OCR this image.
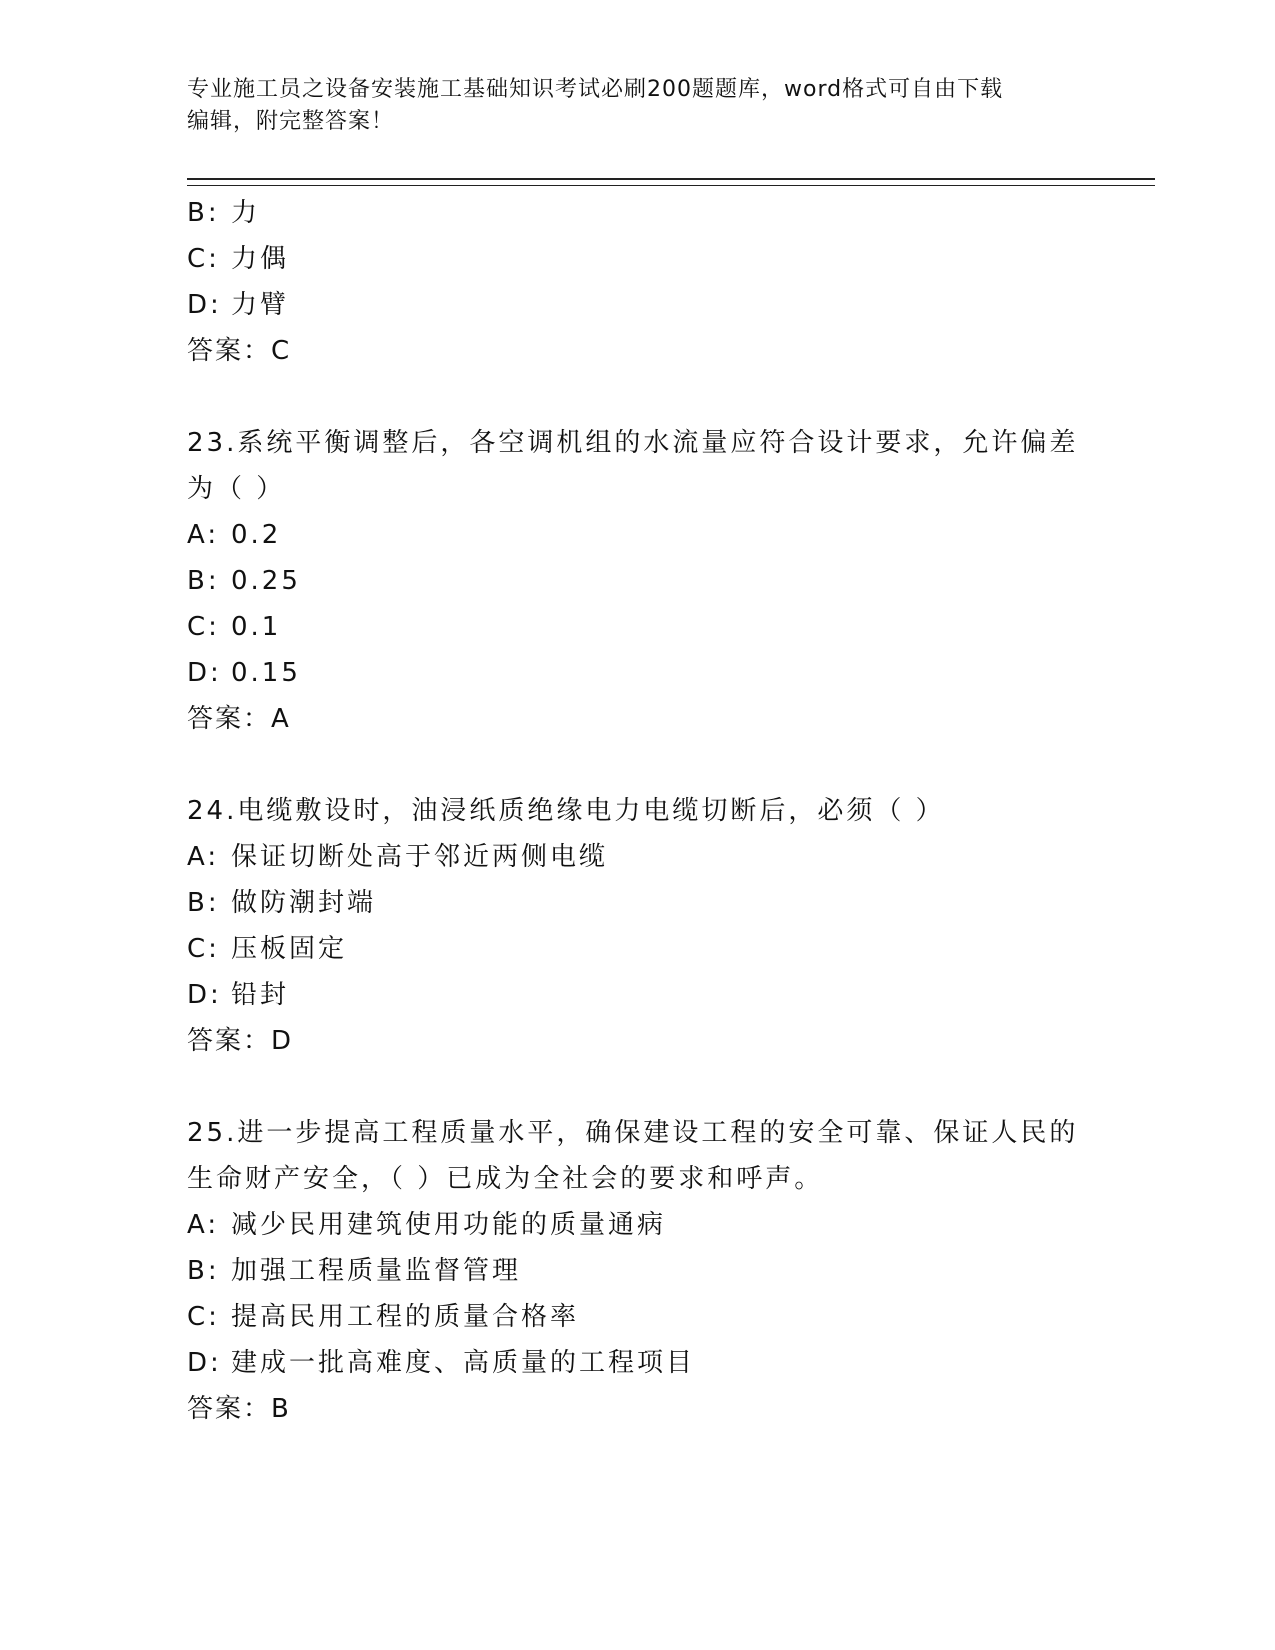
专业施工员之设备安装施工基础知识考试必刷200题题库，word格式可自由下载
编辑，附完整答案！
B: 力
C: 力偶
D: 力臂
答案：C
23.系统平衡调整后，各空调机组的水流量应符合设计要求，允许偏差
为（ ）
A: 0.2
B: 0.25
C: 0.1
D: 0.15
答案：A
24.电缆敷设时，油浸纸质绝缘电力电缆切断后，必须（ ）
A: 保证切断处高于邻近两侧电缆
B: 做防潮封端
C: 压板固定
D: 铅封
答案：D
25.进一步提高工程质量水平，确保建设工程的安全可靠、保证人民的
生命财产安全，（ ）已成为全社会的要求和呼声。
A: 减少民用建筑使用功能的质量通病
B: 加强工程质量监督管理
C: 提高民用工程的质量合格率
D: 建成一批高难度、高质量的工程项目
答案：B
